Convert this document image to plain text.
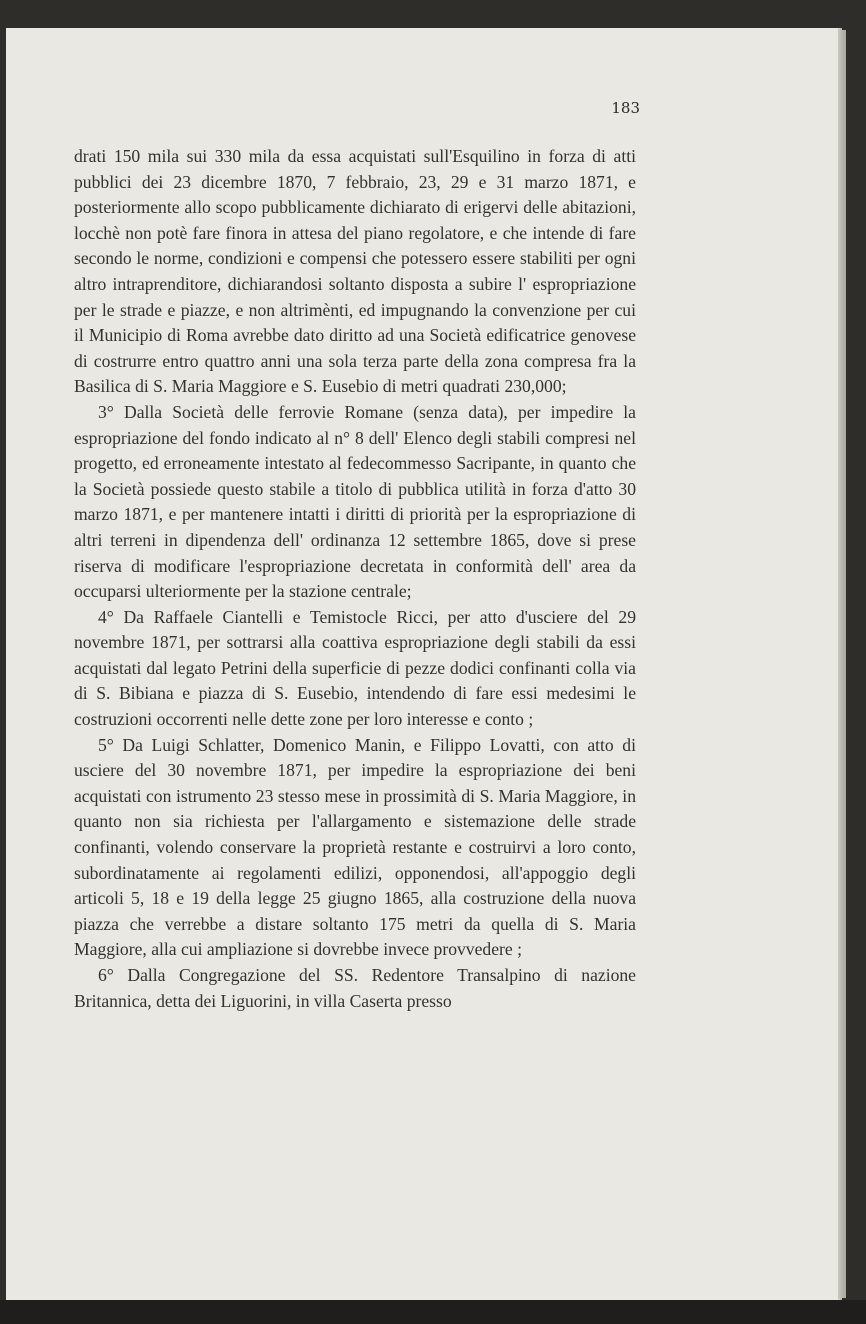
183

drati 150 mila sui 330 mila da essa acquistati sull'Esquilino in forza di atti pubblici dei 23 dicembre 1870, 7 febbraio, 23, 29 e 31 marzo 1871, e posteriormente allo scopo pubblicamente dichiarato di erigervi delle abitazioni, locchè non potè fare finora in attesa del piano regolatore, e che intende di fare secondo le norme, condizioni e compensi che potessero essere stabiliti per ogni altro intraprenditore, dichiarandosi soltanto disposta a subire l' espropriazione per le strade e piazze, e non altrimènti, ed impugnando la convenzione per cui il Municipio di Roma avrebbe dato diritto ad una Società edificatrice genovese di costrurre entro quattro anni una sola terza parte della zona compresa fra la Basilica di S. Maria Maggiore e S. Eusebio di metri quadrati 230,000;

3° Dalla Società delle ferrovie Romane (senza data), per impedire la espropriazione del fondo indicato al n° 8 dell' Elenco degli stabili compresi nel progetto, ed erroneamente intestato al fedecommesso Sacripante, in quanto che la Società possiede questo stabile a titolo di pubblica utilità in forza d'atto 30 marzo 1871, e per mantenere intatti i diritti di priorità per la espropriazione di altri terreni in dipendenza dell' ordinanza 12 settembre 1865, dove si prese riserva di modificare l'espropriazione decretata in conformità dell' area da occuparsi ulteriormente per la stazione centrale;

4° Da Raffaele Ciantelli e Temistocle Ricci, per atto d'usciere del 29 novembre 1871, per sottrarsi alla coattiva espropriazione degli stabili da essi acquistati dal legato Petrini della superficie di pezze dodici confinanti colla via di S. Bibiana e piazza di S. Eusebio, intendendo di fare essi medesimi le costruzioni occorrenti nelle dette zone per loro interesse e conto ;

5° Da Luigi Schlatter, Domenico Manin, e Filippo Lovatti, con atto di usciere del 30 novembre 1871, per impedire la espropriazione dei beni acquistati con istrumento 23 stesso mese in prossimità di S. Maria Maggiore, in quanto non sia richiesta per l'allargamento e sistemazione delle strade confinanti, volendo conservare la proprietà restante e costruirvi a loro conto, subordinatamente ai regolamenti edilizi, opponendosi, all'appoggio degli articoli 5, 18 e 19 della legge 25 giugno 1865, alla costruzione della nuova piazza che verrebbe a distare soltanto 175 metri da quella di S. Maria Maggiore, alla cui ampliazione si dovrebbe invece provvedere ;

6° Dalla Congregazione del SS. Redentore Transalpino di nazione Britannica, detta dei Liguorini, in villa Caserta presso
